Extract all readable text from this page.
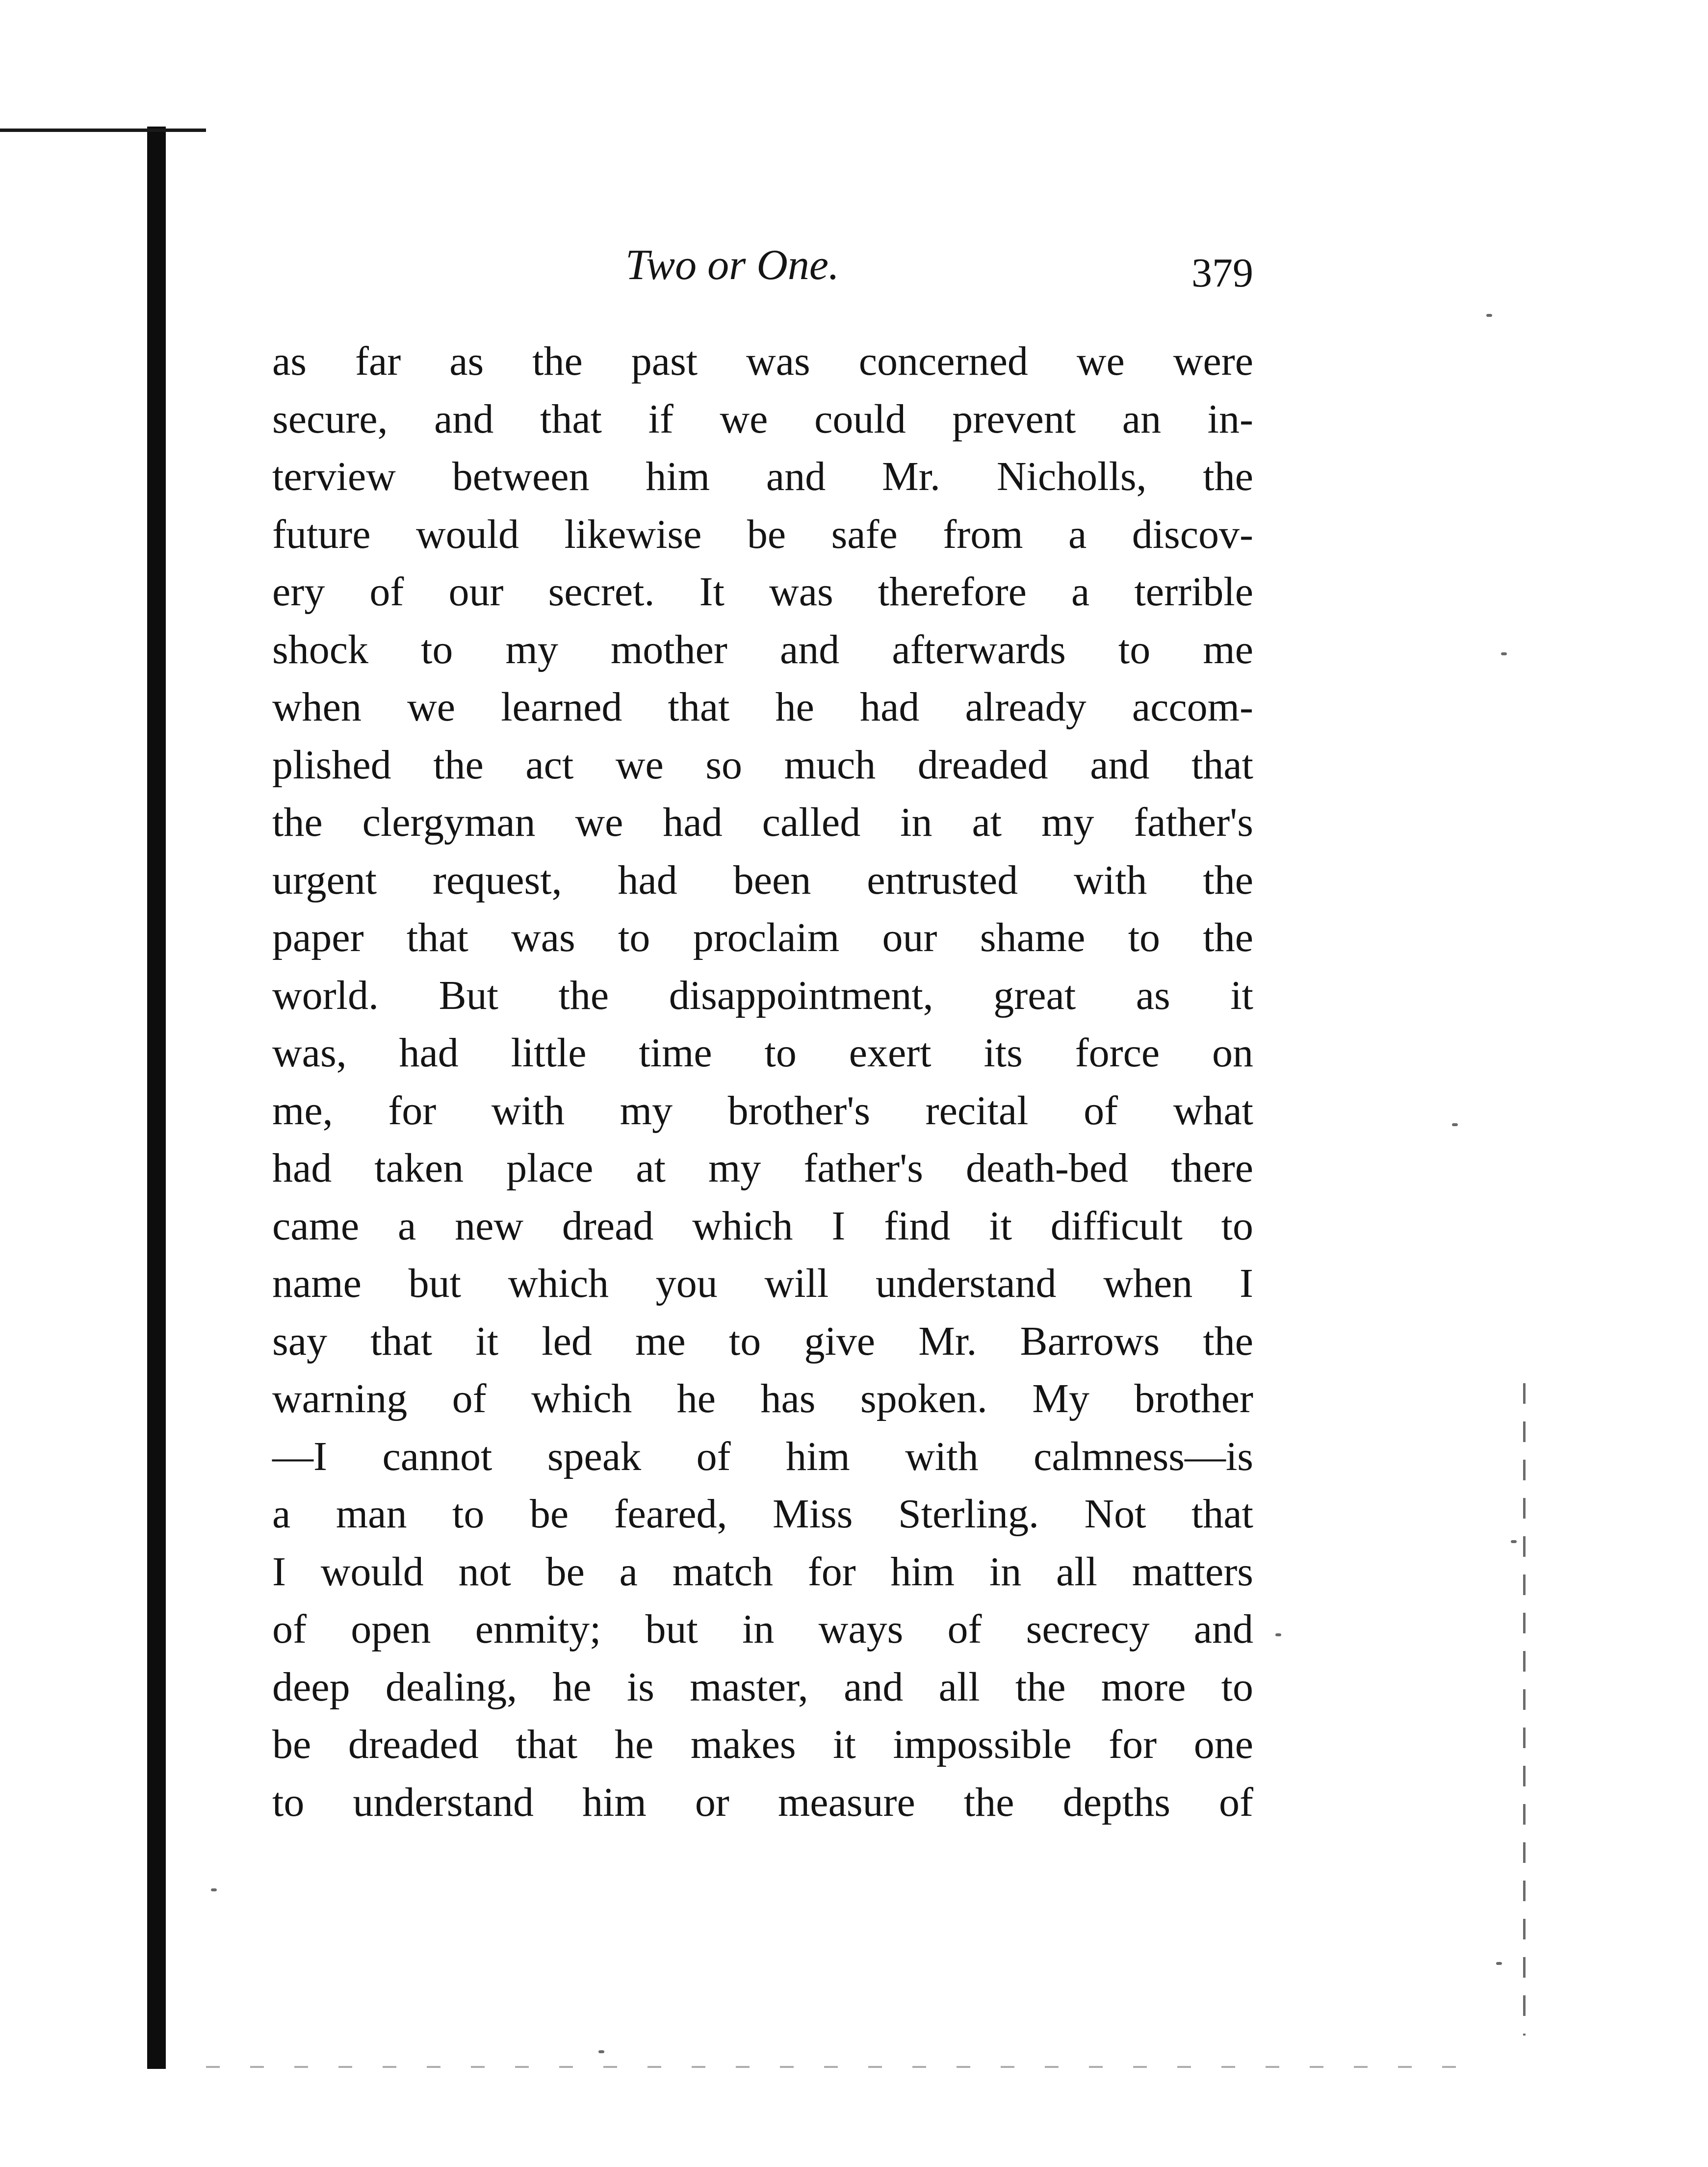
Two or One.	379
as far as the past was concerned we were
secure, and that if we could prevent an in-
terview between him and Mr. Nicholls, the
future would likewise be safe from a discov-
ery of our secret. It was therefore a terrible
shock to my mother and afterwards to me
when we learned that he had already accom-
plished the act we so much dreaded and that
the clergyman we had called in at my father's
urgent request, had been entrusted with the
paper that was to proclaim our shame to the
world. But the disappointment, great as it
was, had little time to exert its force on
me, for with my brother's recital of what
had taken place at my father's death-bed there
came a new dread which I find it difficult to
name but which you will understand when I
say that it led me to give Mr. Barrows the
warning of which he has spoken. My brother
—I cannot speak of him with calmness—is
a man to be feared, Miss Sterling. Not that
I would not be a match for him in all matters
of open enmity; but in ways of secrecy and
deep dealing, he is master, and all the more to
be dreaded that he makes it impossible for one
to understand him or measure the depths of
